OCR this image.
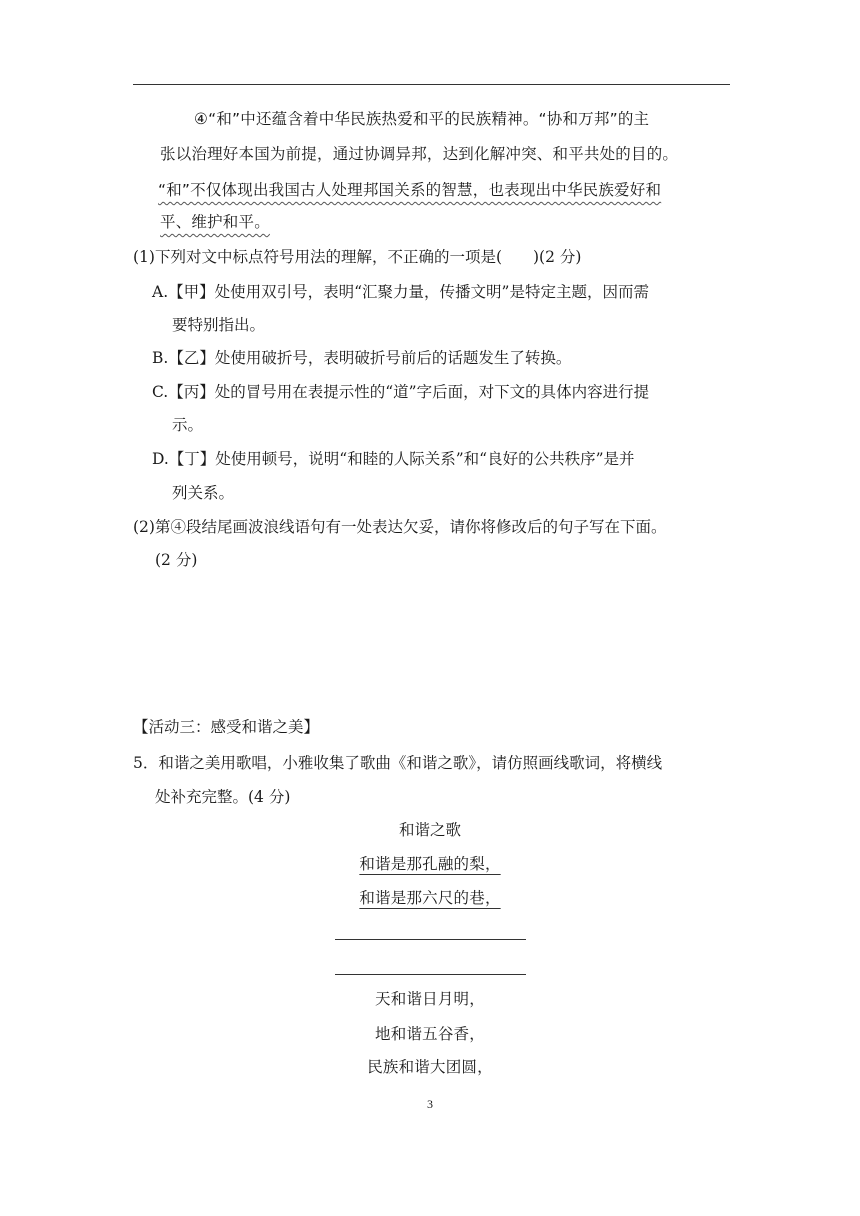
④“和”中还蕴含着中华民族热爱和平的民族精神。“协和万邦”的主
张以治理好本国为前提，通过协调异邦，达到化解冲突、和平共处的目的。
“和”不仅体现出我国古人处理邦国关系的智慧，也表现出中华民族爱好和
平、维护和平。
(1)下列对文中标点符号用法的理解，不正确的一项是(　　)(2 分)
A.【甲】处使用双引号，表明“汇聚力量，传播文明”是特定主题，因而需
要特别指出。
B.【乙】处使用破折号，表明破折号前后的话题发生了转换。
C.【丙】处的冒号用在表提示性的“道”字后面，对下文的具体内容进行提
示。
D.【丁】处使用顿号，说明“和睦的人际关系”和“良好的公共秩序”是并
列关系。
(2)第④段结尾画波浪线语句有一处表达欠妥，请你将修改后的句子写在下面。
(2 分)
【活动三：感受和谐之美】
5．和谐之美用歌唱，小雅收集了歌曲《和谐之歌》，请仿照画线歌词，将横线
处补充完整。(4 分)
和谐之歌
和谐是那孔融的梨，
和谐是那六尺的巷，
天和谐日月明，
地和谐五谷香，
民族和谐大团圆，
3
